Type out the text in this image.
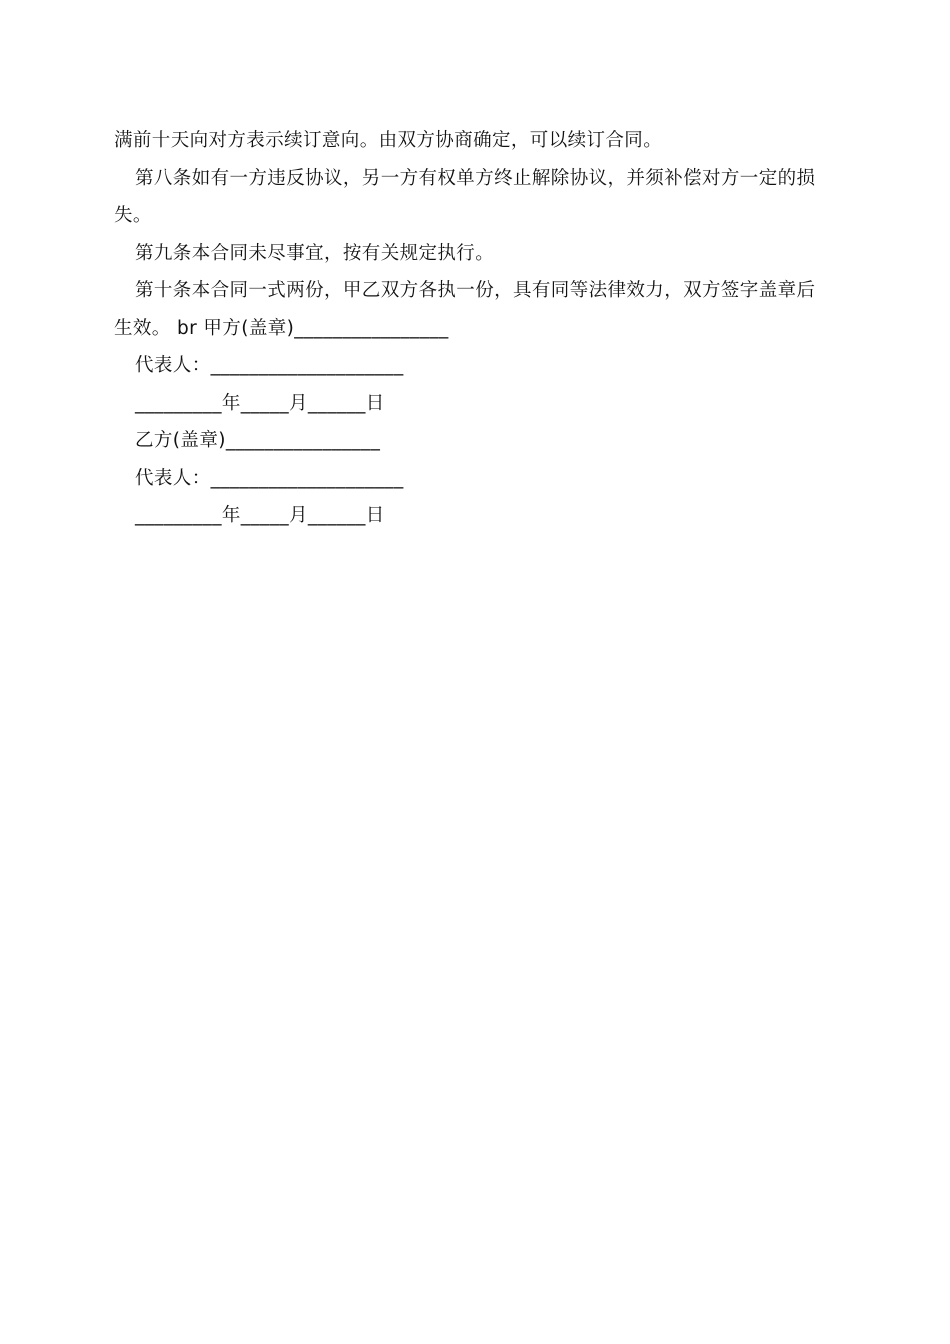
满前十天向对方表示续订意向。由双方协商确定，可以续订合同。
第八条如有一方违反协议，另一方有权单方终止解除协议，并须补偿对方一定的损
失。
第九条本合同未尽事宜，按有关规定执行。
第十条本合同一式两份，甲乙双方各执一份，具有同等法律效力，双方签字盖章后
生效。 br 甲方(盖章)________________
代表人：____________________
_________年_____月______日
乙方(盖章)________________
代表人：____________________
_________年_____月______日
